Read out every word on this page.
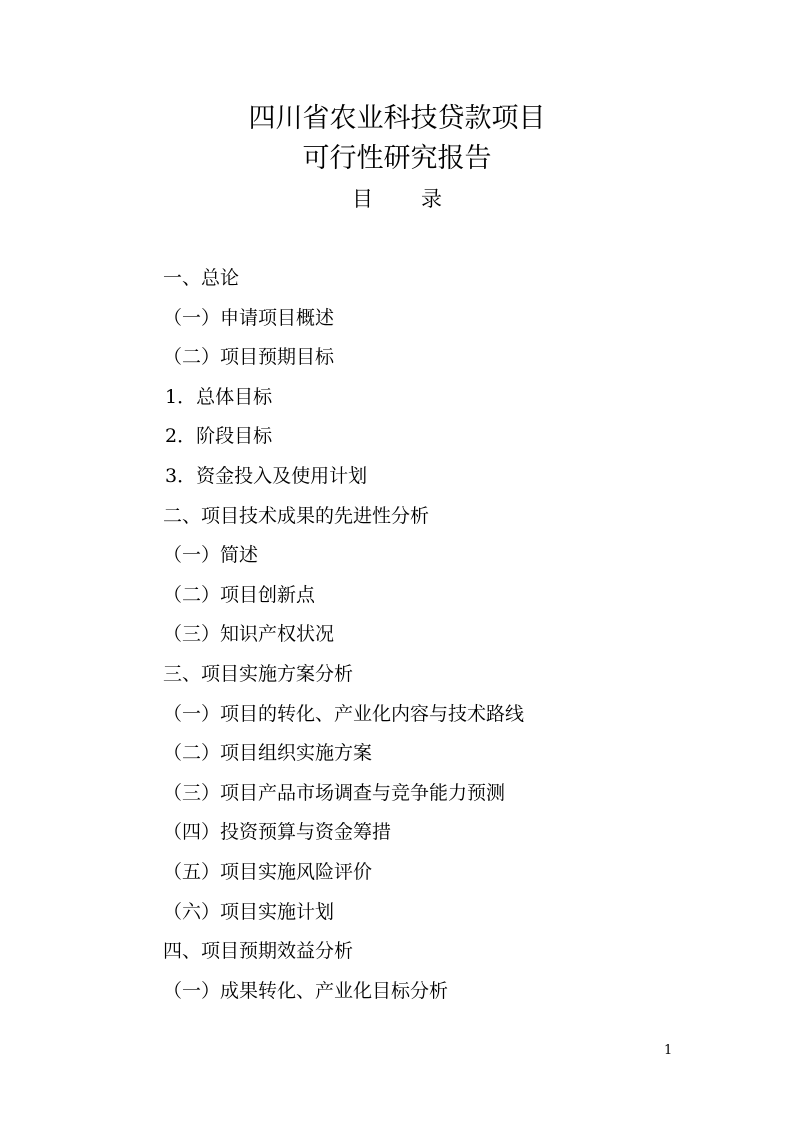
四川省农业科技贷款项目
可行性研究报告
目 录
一、总论
（一）申请项目概述
（二）项目预期目标
1．总体目标
2．阶段目标
3．资金投入及使用计划
二、项目技术成果的先进性分析
（一）简述
（二）项目创新点
（三）知识产权状况
三、项目实施方案分析
（一）项目的转化、产业化内容与技术路线
（二）项目组织实施方案
（三）项目产品市场调查与竞争能力预测
（四）投资预算与资金筹措
（五）项目实施风险评价
（六）项目实施计划
四、项目预期效益分析
（一）成果转化、产业化目标分析
1
